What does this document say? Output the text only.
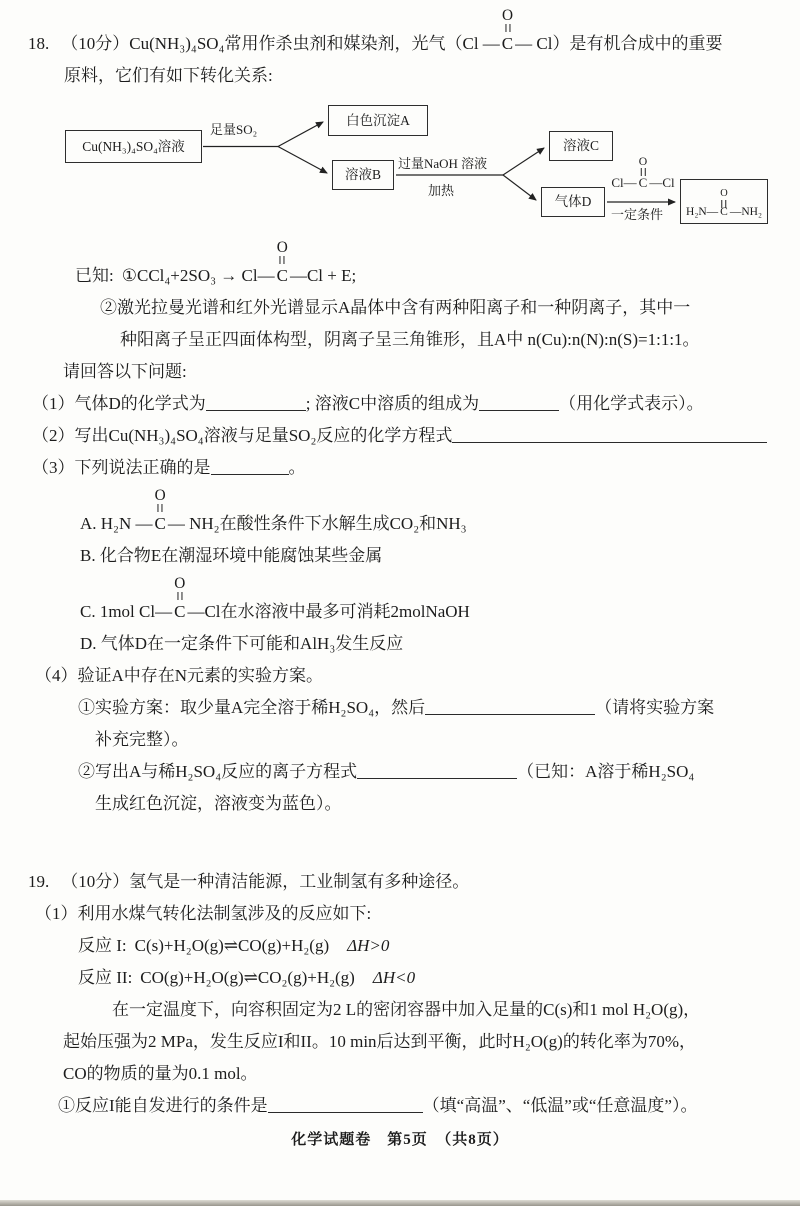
18. （10分）Cu(NH₃)₄SO₄常用作杀虫剂和媒染剂，光气（Cl —
O
C — Cl）是有机合成中的重要
原料，它们有如下转化关系:
Cu(NH₃)₄SO₄溶液
足量SO₂
白色沉淀A
溶液B
过量NaOH 溶液
加热
溶液C
气体D
Cl—
O
C —Cl
一定条件 H₂N—
O
C —NH₂
已知: ①CCl₄+2SO₃ → Cl—
O
C —Cl + E;
②激光拉曼光谱和红外光谱显示A晶体中含有两种阳离子和一种阴离子，其中一
种阳离子呈正四面体构型，阴离子呈三角锥形，且A中 n(Cu):n(N):n(S)=1:1:1。
请回答以下问题:
（1）气体D的化学式为	; 溶液C中溶质的组成为	（用化学式表示）。
（2）写出Cu(NH₃)₄SO₄溶液与足量SO₂反应的化学方程式
（3）下列说法正确的是	。
A. H₂N —
O
C — NH₂在酸性条件下水解生成CO₂和NH₃
B. 化合物E在潮湿环境中能腐蚀某些金属
C. 1mol Cl—
O
C —Cl在水溶液中最多可消耗2molNaOH
D. 气体D在一定条件下可能和AlH₃发生反应
（4）验证A中存在N元素的实验方案。
①实验方案：取少量A完全溶于稀H₂SO₄，然后	（请将实验方案
补充完整）。
②写出A与稀H₂SO₄反应的离子方程式	（已知：A溶于稀H₂SO₄
生成红色沉淀，溶液变为蓝色）。
19. （10分）氢气是一种清洁能源，工业制氢有多种途径。
（1）利用水煤气转化法制氢涉及的反应如下:
反应 I: C(s)+H₂O(g)⇌CO(g)+H₂(g) ΔH>0
反应 II: CO(g)+H₂O(g)⇌CO₂(g)+H₂(g) ΔH<0
在一定温度下，向容积固定为2 L的密闭容器中加入足量的C(s)和1 mol H₂O(g)，
起始压强为2 MPa，发生反应I和II。10 min后达到平衡，此时H₂O(g)的转化率为70%，
CO的物质的量为0.1 mol。
①反应I能自发进行的条件是	（填“高温”、“低温”或“任意温度”）。
化学试题卷　第5页　（共8页）
